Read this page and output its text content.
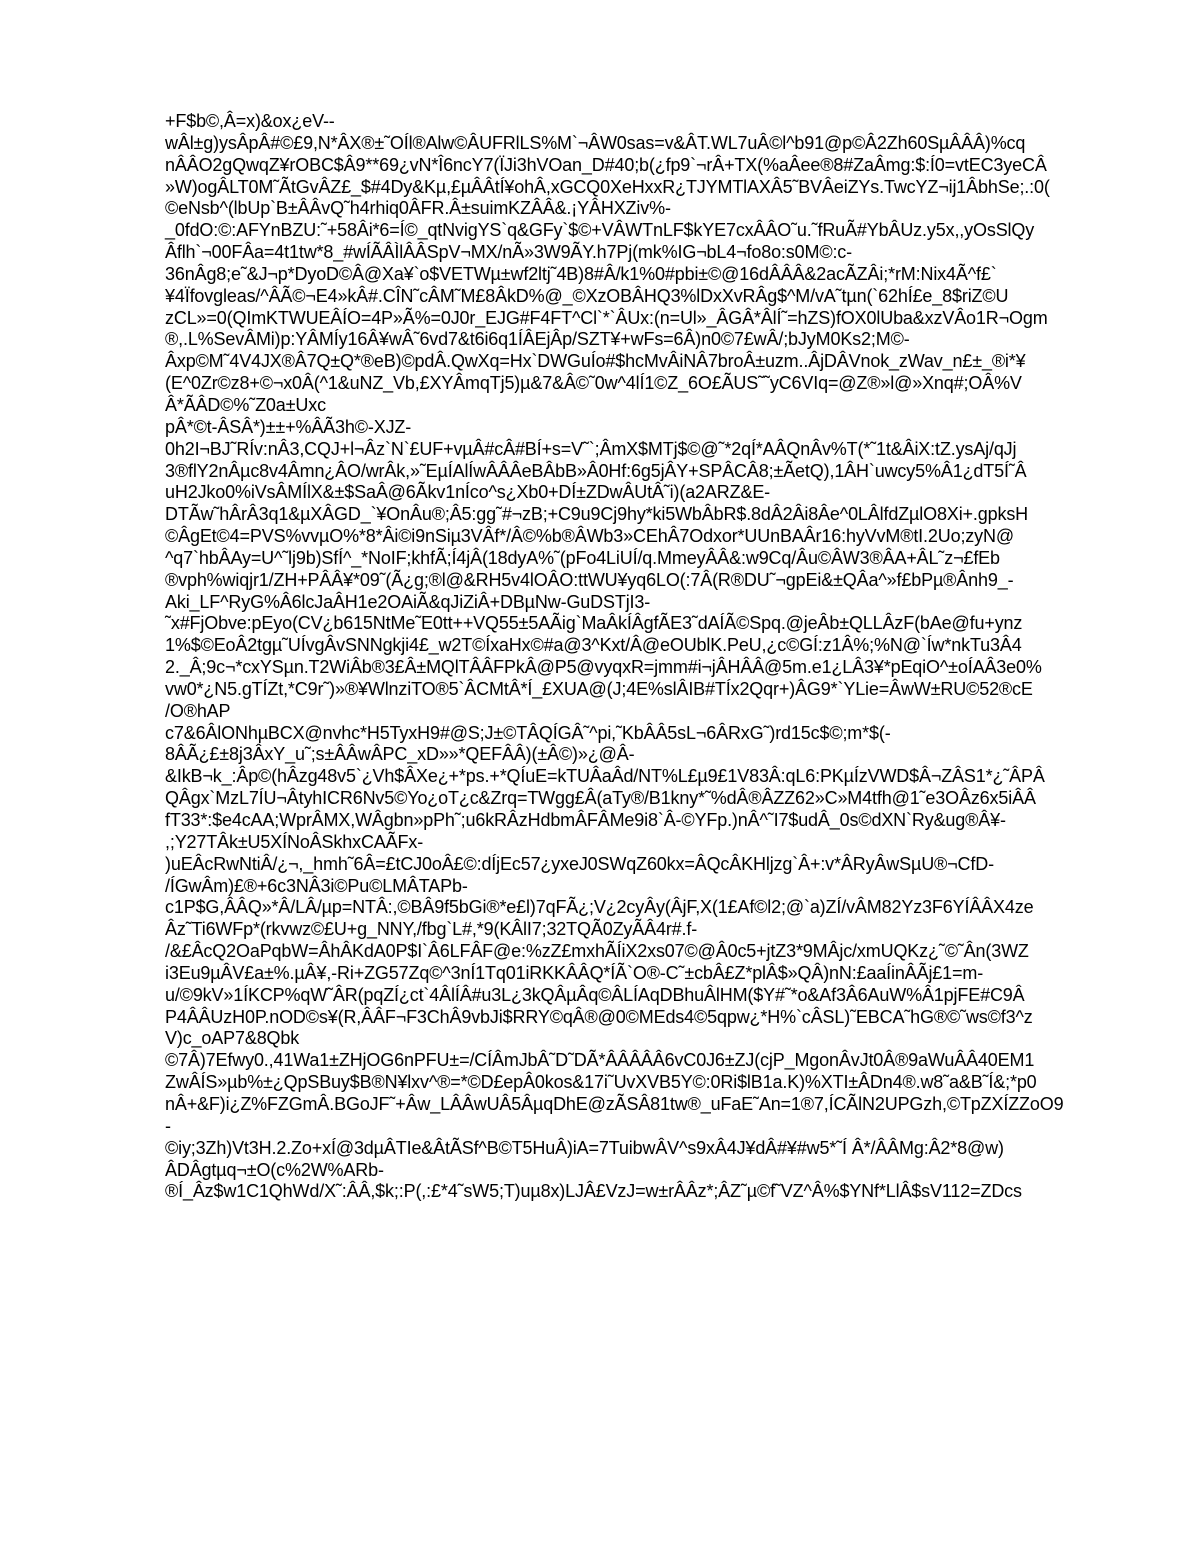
+F$b©,Â=x)&ox¿eV--
wÂl±g)ysÂpÂ#©£9,N*ÂX®±˜OÍl®Alw©ÂUFRlLS%M`¬ÂW0sas=v&ÂT.WL7uÂ©l^b91@p©Â2Zh60SµÂÂÂ)%cq
nÂÂO2gQwqZ¥rOBC$Â9**69¿vN*Î6ncY7(ÏJi3hVOan_D#40;b(¿fp9`¬rÂ+TX(%aÂee®8#ZaÂmg:$:Í0=vtEC3yeCÂ
»W)ogÂLT0M˜ÃtGvÂZ£_$#4Dy&Kµ,£µÂÂtÍ¥ohÂ,xGCQ0XeHxxR¿TJYMTlAXÂ5˜BVÂeiZYs.TwcYZ¬ij1ÂbhSe;.:0(
©eNsb^(lbUp`B±ÂÂvQ˜h4rhiq0ÂFR.Â±suimKZÂÂ&.¡YÂHXZiv%-
_0fdO:©:AFYnBZU:˜+58Âi*6=Í©_qtNvigYS`q&GFy`$©+VÂWTnLF$kYE7cxÂÂO˜u.˜fRuÃ#YbÂUz.y5x,,yOsSlQy
Âflh`¬00FÂa=4t1tw*8_#wÍÃÂÌlÂÂSpV¬MX/nÃ»3W9ÃY.h7Pj(mk%IG¬bL4¬fo8o:s0M©:c-
36nÂg8;e˜&J¬p*DyoD©Â@Xa¥`o$VETWµ±wf2ltj˜4B)8#Â/k1%0#pbi±©@16dÂÂÂ&2acÃZÂi;*rM:Nix4Ã^f£`
¥4Ïfovgleas/^ÂÃ©¬E4»kÂ#.CÎN˜cÂM˜M£8ÂkD%@_©XzOBÂHQ3%lDxXvRÂg$^M/vA˜tµn(`62hÍ£e_8$riZ©U
zCL»=0(QImKTWUEÂÍO=4P»Ã%=0J0r_EJG#F4FT^Cl`*`ÂUx:(n=Ul»_ÂGÂ*ÂlÍ˜=hZS)fOX0lUba&xzVÂo1R¬Ogm
®,.L%SevÂMi)p:YÂMÍy16Â¥wÂ˜6vd7&t6i6q1ÍÂEjÂp/SZT¥+wFs=6Â)n0©7£wÂ/;bJyM0Ks2;M©-
Âxp©M˜4V4JX®Â7Q±Q*®eB)©pdÂ.QwXq=Hx`DWGuÍo#$hcMvÂiNÂ7broÂ±uzm..ÂjDÂVnok_zWav_n£±_®i*¥
(E^0Zr©z8+©¬x0Â(^1&uNZ_Vb,£XYÂmqTj5)µ&7&Â©˜0w^4lÍ1©Z_6O£ÃUS˜˜yC6VIq=@Z®»l@»Xnq#;OÂ%V
Â*ÃÂD©%˜Z0a±Uxc
pÂ*©t-ÂSÂ*)±±+%ÂÃ3h©-XJZ-
0h2I¬BJ˜RÍv:nÂ3,CQJ+l¬Âz`N`£UF+vµÂ#cÂ#BÍ+s=V˜`;ÂmX$MTj$©@˜*2qÍ*AÂQnÂv%T(*˜1t&ÂiX:tZ.ysAj/qJj
3®flY2nÂµc8v4Âmn¿ÂO/wrÂk,»˜EµÍAlÍwÂÂÂeBÂbB»Â0Hf:6g5jÂY+SPÂCÂ8;±ÃetQ),1ÂH`uwcy5%Â1¿dT5Í˜Â
uH2Jko0%iVsÂMÍlX&±$SaÂ@6Ãkv1nÍco^s¿Xb0+DÍ±ZDwÂUtÂ˜i)(a2ARZ&E-
DTÃw˜hÂrÂ3q1&µXÂGD_`¥OnÂu®;Â5:gg˜#¬zB;+C9u9Cj9hy*ki5WbÂbR$.8dÂ2Âi8Âe^0LÂlfdZµlO8Xi+.gpksH
©ÂgEt©4=PVS%vvµO%*8*Âi©i9nSiµ3VÂf*/Â©%b®ÂWb3»CEhÂ7Odxor*UUnBAÂr16:hyVvM®tI.2Uo;zyN@
^q7`hbÂAy=U^˜lj9b)SfÍ^_*NoIF;khfÃ;Í4jÂ(18dyA%˜(pFo4LiUÍ/q.MmeyÂÂ&:w9Cq/Âu©ÂW3®ÂA+ÂL˜z¬£fEb
®vph%wiqjr1/ZH+PÂÂ¥*09˜(Ã¿g;®l@&RH5v4lOÂO:ttWU¥yq6LO(:7Â(R®DU˜¬gpEi&±QÂa^»f£bPµ®Ânh9_-
Aki_LF^RyG%Â6lcJaÂH1e2OAiÃ&qJiZiÂ+DBµNw-GuDSTjI3-
˜x#FjObve:pEyo(CV¿b615NtMe˜E0tt++VQ55±5AÃig`MaÂkÍÂgfÃE3˜dAÍÃ©Spq.@jeÂb±QLLÂzF(bAe@fu+ynz
1%$©EoÂ2tgµ˜UÍvgÂvSNNgkji4£_w2T©ÍxaHx©#a@3^Kxt/Â@eOUblK.PeU,¿c©GÍ:z1Â%;%N@`Íw*nkTu3Â4
2._Â;9c¬*cxYSµn.T2WiÂb®3£Â±MQlTÂÂFPkÂ@P5@vyqxR=jmm#i¬jÂHÂÂ@5m.e1¿LÂ3¥*pEqiO^±oÍAÂ3e0%
vw0*¿N5.gTÍZt,*C9r˜)»®¥WlnziTO®5`ÂCMtÂ*Í_£XUA@(J;4E%slÂIB#TÍx2Qqr+)ÂG9*`YLie=ÂwW±RU©52®cE
/O®hAP
c7&6ÂlONhµBCX@nvhc*H5TyxH9#@S;J±©TÂQÍGÂ˜^pi,˜KbÂÂ5sL¬6ÂRxG˜)rd15c$©;m*$(-
8ÂÃ¿£±8j3ÂxY_u˜;s±ÂÂwÂPC_xD»»*QEFÂÂ)(±Â©)»¿@Â-
&IkB¬k_:Âp©(hÂzg48v5`¿Vh$ÂXe¿+*ps.+*QÍuE=kTUÂaÂd/NT%L£µ9£1V83Â:qL6:PKµÍzVWD$Â¬ZÂS1*¿˜ÂPÂ
QÂgx`MzL7ÍU¬ÂtyhICR6Nv5©Yo¿oT¿c&Zrq=TWgg£Â(aTy®/B1kny*˜%dÂ®ÂZZ62»C»M4tfh@1˜e3OÂz6x5iÂÂ
fT33*:$e4cAA;WprÂMX,WÂgbn»pPh˜;u6kRÂzHdbmÂFÂMe9i8`Â-©YFp.)nÂ^˜I7$udÂ_0s©dXN`Ry&ug®Â¥-
,;Y27TÂk±U5XÍNoÂSkhxCAÃFx-
)uEÂcRwNtiÂ/¿¬,_hmh˜6Â=£tCJ0oÂ£©:dÍjEc57¿yxeJ0SWqZ60kx=ÂQcÂKHljzg`Â+:v*ÂRyÂwSµU®¬CfD-
/ÍGwÂm)£®+6c3NÂ3i©Pu©LMÂTAPb-
c1P$G,ÂÂQ»*Â/LÂ/µp=NTÂ:,©BÂ9f5bGi®*e£l)7qFÃ¿;V¿2cyÂy(ÂjF,X(1£Af©l2;@`a)ZÍ/vÂM82Yz3F6YÍÂÂX4ze
Âz˜Ti6WFp*(rkvwz©£U+g_NNY,/fbg`L#,*9(KÂlI7;32TQÃ0ZyÃÂ4r#.f-
/&£ÂcQ2OaPqbW=ÂhÂKdA0P$I`Â6LFÂF@e:%zZ£mxhÃÍiX2xs07©@Â0c5+jtZ3*9MÂjc/xmUQKz¿˜©˜Ân(3WZ
i3Eu9µÂV£a±%.µÂ¥,-Ri+ZG57Zq©^3nÍ1Tq01iRKKÂÂQ*ÍÃ`O®-C˜±cbÂ£Z*plÂ$»QÂ)nN:£aaÍinÂÃj£1=m-
u/©9kV»1ÍKCP%qW˜ÂR(pqZÍ¿ct`4ÂlÍÂ#u3L¿3kQÂµÂq©ÂLÍAqDBhuÂlHM($Y#˜*o&Af3Â6AuW%Â1pjFE#C9Â
P4ÂÂUzH0P.nOD©s¥(R,ÂÂF¬F3ChÂ9vbJi$RRY©qÂ®@0©MEds4©5qpw¿*H%`cÂSL)˜EBCA˜hG®©˜ws©f3^z
V)c_oAP7&8Qbk
©7Â)7Efwy0.,41Wa1±ZHjOG6nPFU±=/CÍÂmJbÂ˜D˜DÃ*ÂÂÂÂÂ6vC0J6±ZJ(cjP_MgonÂvJt0Â®9aWuÂÂ40EM1
ZwÂÍS»µb%±¿QpSBuy$B®N¥lxv^®=*©D£epÂ0kos&17i˜UvXVB5Y©:0Ri$lB1a.K)%XTI±ÂDn4®.w8˜a&B˜Í&;*p0
nÂ+&F)i¿Z%FZGmÂ.BGoJF˜+Âw_LÂÂwUÂ5ÂµqDhE@zÃSÂ81tw®_uFaE˜An=1®7,ÍCÃlN2UPGzh,©TpZXÍZZoO9
-
©iy;3Zh)Vt3H.2.Zo+xÍ@3dµÂTIe&ÂtÃSf^B©T5HuÂ)iA=7TuibwÂV^s9xÂ4J¥dÂ#¥#w5*˜Í Â*/ÂÂMg:Â2*8@w)
ÂDÂgtµq¬±O(c%2W%ARb-
®Í_Âz$w1C1QhWd/X˜:ÂÂ,$k;:P(,:£*4˜sW5;T)uµ8x)LJÂ£VzJ=w±rÂÂz*;ÂZ˜µ©f˜VZ^Â%$YNf*LlÂ$sV112=ZDcs
